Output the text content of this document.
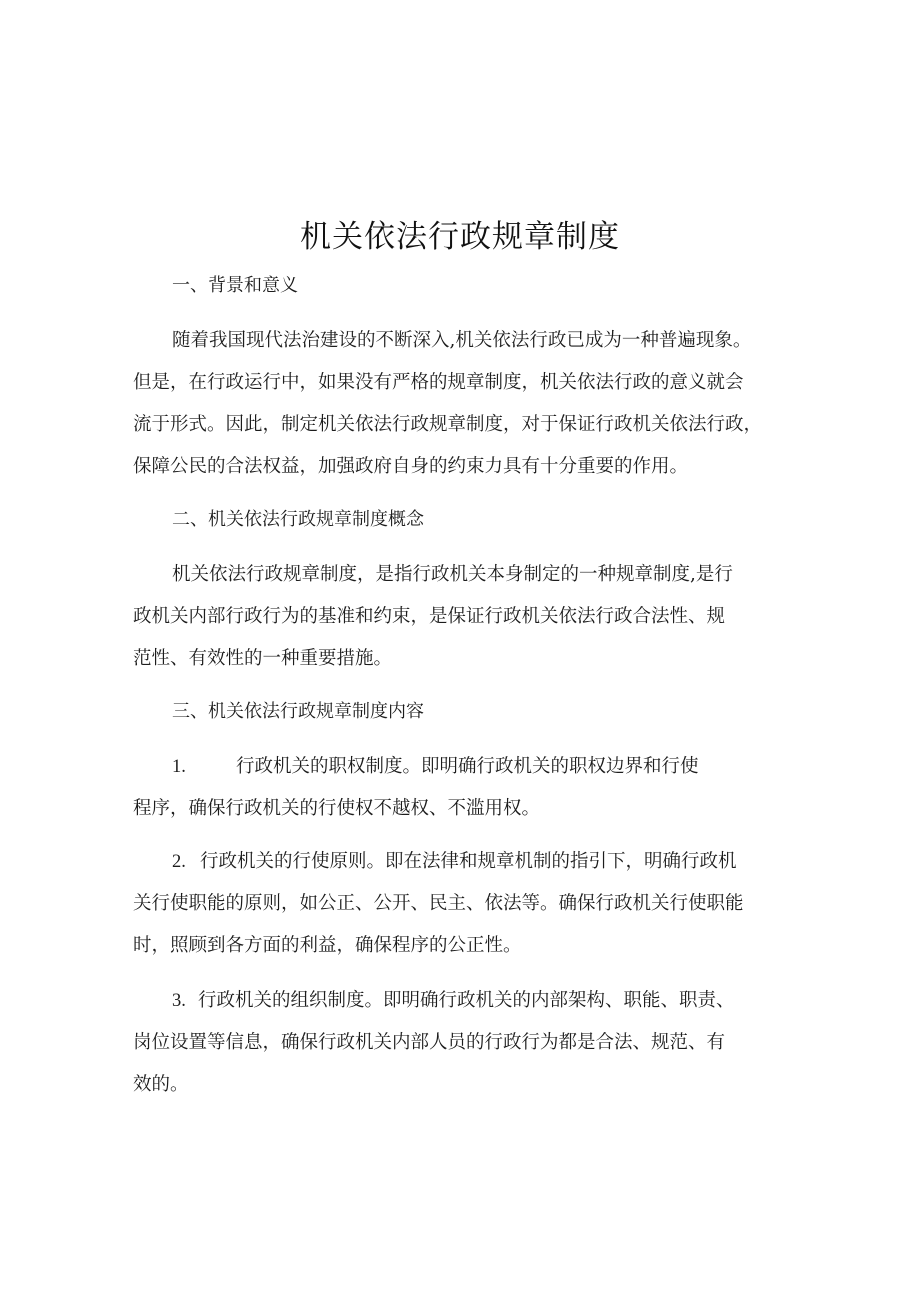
机关依法行政规章制度
一、背景和意义
随着我国现代法治建设的不断深入,机关依法行政已成为一种普遍现象。
但是，在行政运行中，如果没有严格的规章制度，机关依法行政的意义就会
流于形式。因此，制定机关依法行政规章制度，对于保证行政机关依法行政，
保障公民的合法权益，加强政府自身的约束力具有十分重要的作用。
二、机关依法行政规章制度概念
机关依法行政规章制度，是指行政机关本身制定的一种规章制度,是行
政机关内部行政行为的基准和约束，是保证行政机关依法行政合法性、规
范性、有效性的一种重要措施。
三、机关依法行政规章制度内容
1.	行政机关的职权制度。即明确行政机关的职权边界和行使
程序，确保行政机关的行使权不越权、不滥用权。
2. 行政机关的行使原则。即在法律和规章机制的指引下，明确行政机
关行使职能的原则，如公正、公开、民主、依法等。确保行政机关行使职能
时，照顾到各方面的利益，确保程序的公正性。
3. 行政机关的组织制度。即明确行政机关的内部架构、职能、职责、
岗位设置等信息，确保行政机关内部人员的行政行为都是合法、规范、有
效的。
